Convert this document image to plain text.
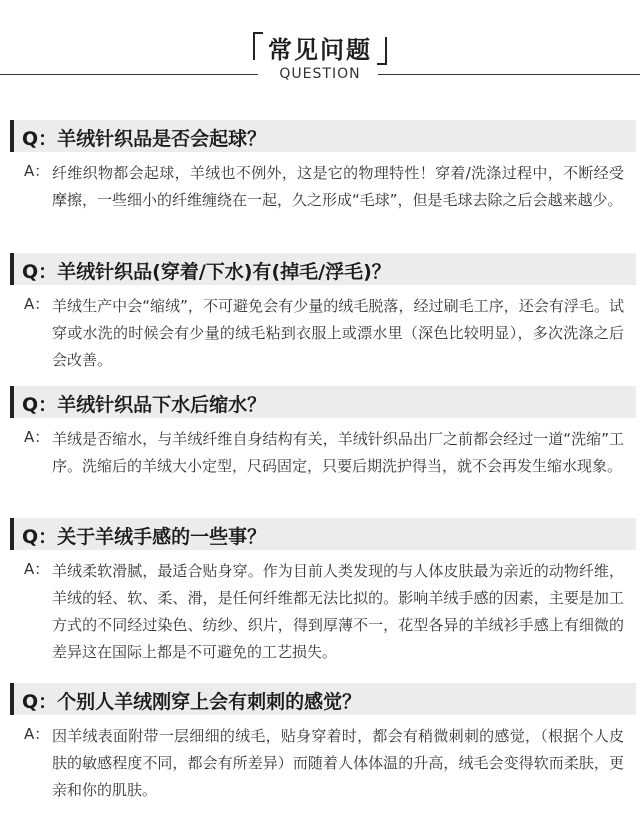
常见问题
QUESTION
Q：羊绒针织品是否会起球？
A： 纤维织物都会起球，羊绒也不例外，这是它的物理特性！穿着/洗涤过程中，不断经受摩擦，一些细小的纤维缠绕在一起，久之形成“毛球”，但是毛球去除之后会越来越少。
Q：羊绒针织品(穿着/下水)有(掉毛/浮毛)？
A： 羊绒生产中会“缩绒”，不可避免会有少量的绒毛脱落，经过刷毛工序，还会有浮毛。试穿或水洗的时候会有少量的绒毛粘到衣服上或漂水里（深色比较明显），多次洗涤之后会改善。
Q：羊绒针织品下水后缩水？
A： 羊绒是否缩水，与羊绒纤维自身结构有关，羊绒针织品出厂之前都会经过一道“洗缩”工序。洗缩后的羊绒大小定型，尺码固定，只要后期洗护得当，就不会再发生缩水现象。
Q：关于羊绒手感的一些事？
A： 羊绒柔软滑腻，最适合贴身穿。作为目前人类发现的与人体皮肤最为亲近的动物纤维，羊绒的轻、软、柔、滑，是任何纤维都无法比拟的。影响羊绒手感的因素，主要是加工方式的不同经过染色、纺纱、织片，得到厚薄不一，花型各异的羊绒衫手感上有细微的差异这在国际上都是不可避免的工艺损失。
Q：个别人羊绒刚穿上会有刺刺的感觉？
A： 因羊绒表面附带一层细细的绒毛，贴身穿着时，都会有稍微刺刺的感觉，（根据个人皮肤的敏感程度不同，都会有所差异）而随着人体体温的升高，绒毛会变得软而柔肤，更亲和你的肌肤。
